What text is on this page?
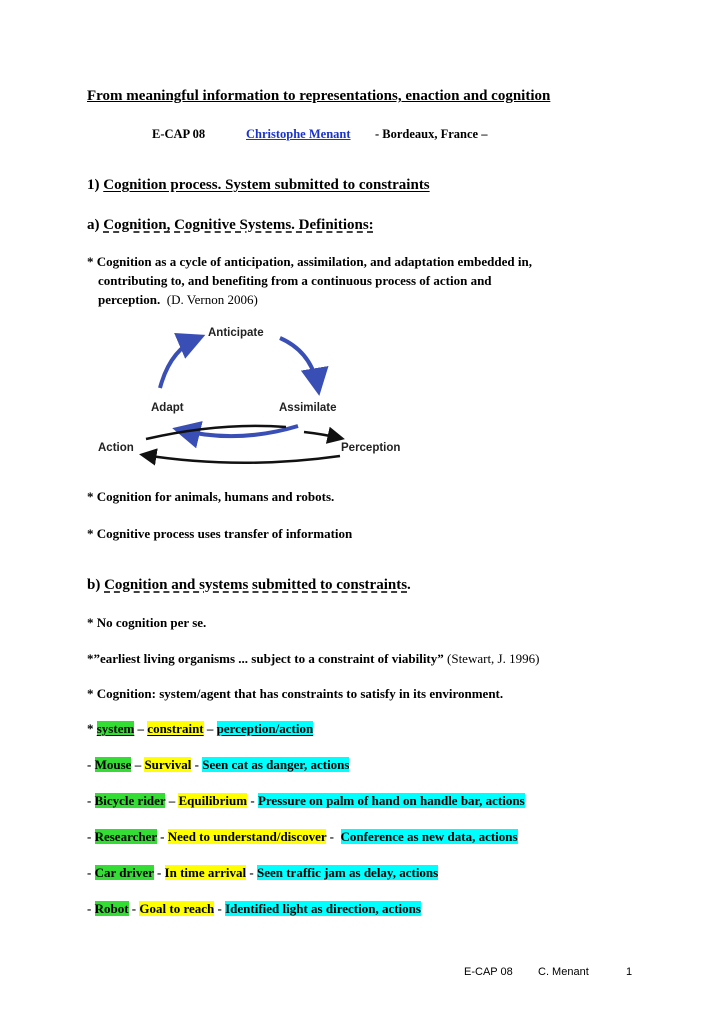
From meaningful information to representations, enaction and cognition
E-CAP 08	Christophe Menant - Bordeaux, France –
1) Cognition process. System submitted to constraints
a) Cognition, Cognitive Systems. Definitions:
* Cognition as a cycle of anticipation, assimilation, and adaptation embedded in,
contributing to, and benefiting from a continuous process of action and
perception. (D. Vernon 2006)
Anticipate
Adapt	Assimilate
Action	Perception
* Cognition for animals, humans and robots.
* Cognitive process uses transfer of information
b) Cognition and systems submitted to constraints.
* No cognition per se.
*”earliest living organisms ... subject to a constraint of viability” (Stewart, J. 1996)
* Cognition: system/agent that has constraints to satisfy in its environment.
* system – constraint – perception/action
- Mouse – Survival - Seen cat as danger, actions
- Bicycle rider – Equilibrium - Pressure on palm of hand on handle bar, actions
- Researcher - Need to understand/discover -  Conference as new data, actions
- Car driver - In time arrival - Seen traffic jam as delay, actions
- Robot - Goal to reach - Identified light as direction, actions
E-CAP 08 C. Menant	1
